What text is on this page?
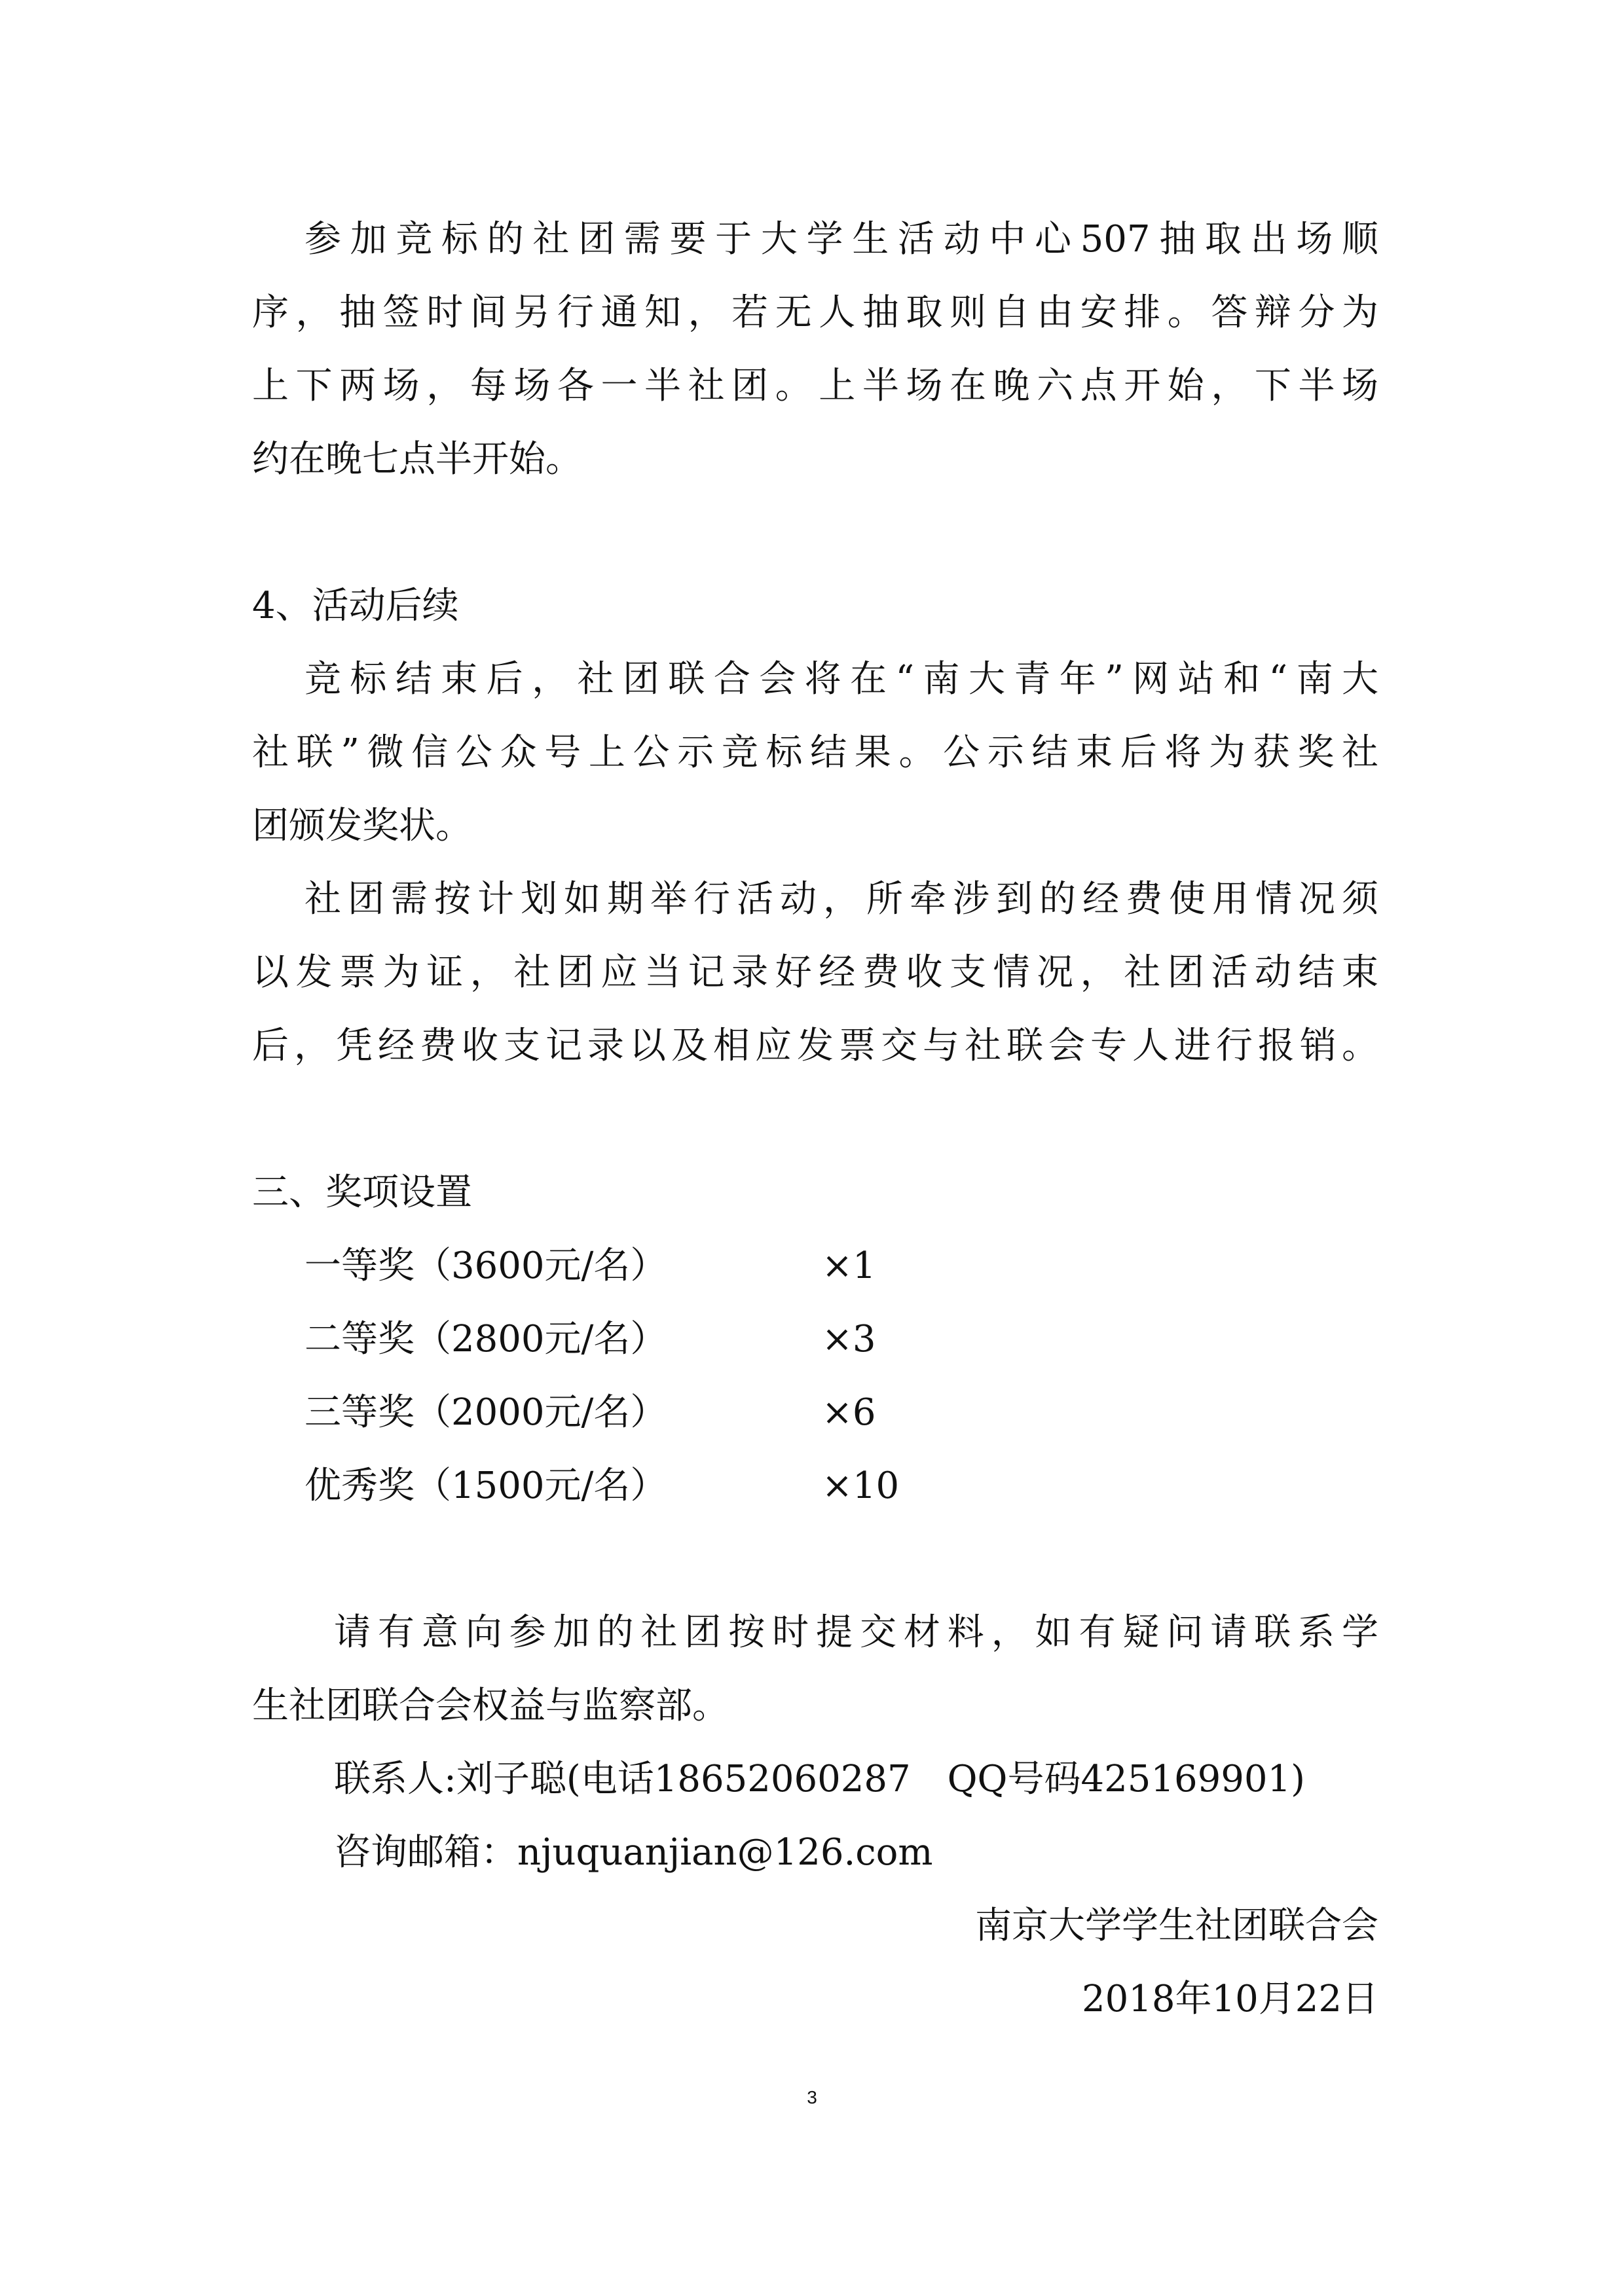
参加竞标的社团需要于大学生活动中心507抽取出场顺
序，抽签时间另行通知，若无人抽取则自由安排。答辩分为
上下两场，每场各一半社团。上半场在晚六点开始，下半场
约在晚七点半开始。
4、活动后续
竞标结束后，社团联合会将在“南大青年”网站和“南大
社联”微信公众号上公示竞标结果。公示结束后将为获奖社
团颁发奖状。
社团需按计划如期举行活动，所牵涉到的经费使用情况须
以发票为证，社团应当记录好经费收支情况，社团活动结束
后，凭经费收支记录以及相应发票交与社联会专人进行报销。
三、奖项设置
一等奖（3600元/名）	×1
二等奖（2800元/名）	×3
三等奖（2000元/名）	×6
优秀奖（1500元/名）	×10
请有意向参加的社团按时提交材料，如有疑问请联系学
生社团联合会权益与监察部。
联系人:刘子聪(电话18652060287　QQ号码425169901)
咨询邮箱：njuquanjian@126.com
南京大学学生社团联合会
2018年10月22日
3
